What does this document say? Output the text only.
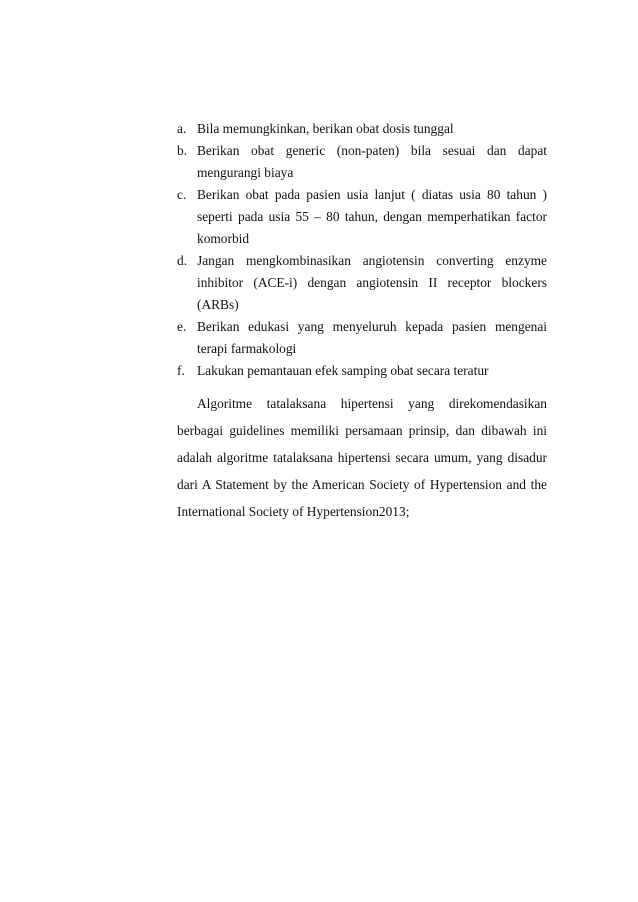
a. Bila memungkinkan, berikan obat dosis tunggal
b. Berikan obat generic (non-paten) bila sesuai dan dapat mengurangi biaya
c. Berikan obat pada pasien usia lanjut ( diatas usia 80 tahun ) seperti pada usia 55 – 80 tahun, dengan memperhatikan factor komorbid
d. Jangan mengkombinasikan angiotensin converting enzyme inhibitor (ACE-i) dengan angiotensin II receptor blockers (ARBs)
e. Berikan edukasi yang menyeluruh kepada pasien mengenai terapi farmakologi
f. Lakukan pemantauan efek samping obat secara teratur

Algoritme tatalaksana hipertensi yang direkomendasikan berbagai guidelines memiliki persamaan prinsip, dan dibawah ini adalah algoritme tatalaksana hipertensi secara umum, yang disadur dari A Statement by the American Society of Hypertension and the International Society of Hypertension2013;
